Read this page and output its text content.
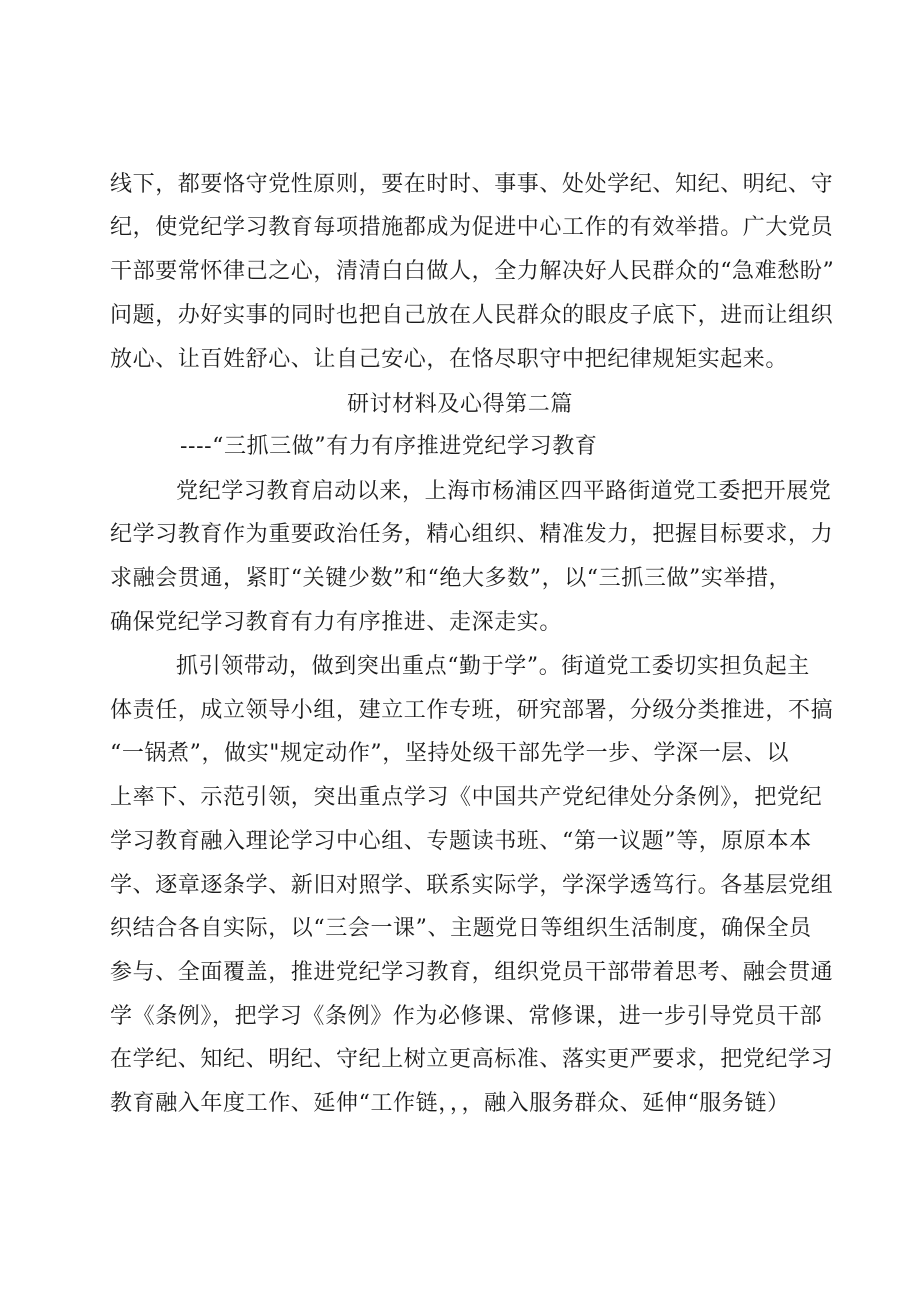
线下，都要恪守党性原则，要在时时、事事、处处学纪、知纪、明纪、守
纪，使党纪学习教育每项措施都成为促进中心工作的有效举措。广大党员
干部要常怀律己之心，清清白白做人，全力解决好人民群众的“急难愁盼”
问题，办好实事的同时也把自己放在人民群众的眼皮子底下，进而让组织
放心、让百姓舒心、让自己安心，在恪尽职守中把纪律规矩实起来。
研讨材料及心得第二篇
----“三抓三做”有力有序推进党纪学习教育
党纪学习教育启动以来，上海市杨浦区四平路街道党工委把开展党
纪学习教育作为重要政治任务，精心组织、精准发力，把握目标要求，力
求融会贯通，紧盯“关键少数”和“绝大多数”，以“三抓三做”实举措，
确保党纪学习教育有力有序推进、走深走实。
抓引领带动，做到突出重点“勤于学”。街道党工委切实担负起主
体责任，成立领导小组，建立工作专班，研究部署，分级分类推进，不搞
“一锅煮”，做实"规定动作”，坚持处级干部先学一步、学深一层、以
上率下、示范引领，突出重点学习《中国共产党纪律处分条例》，把党纪
学习教育融入理论学习中心组、专题读书班、“第一议题”等，原原本本
学、逐章逐条学、新旧对照学、联系实际学，学深学透笃行。各基层党组
织结合各自实际，以“三会一课”、主题党日等组织生活制度，确保全员
参与、全面覆盖，推进党纪学习教育，组织党员干部带着思考、融会贯通
学《条例》，把学习《条例》作为必修课、常修课，进一步引导党员干部
在学纪、知纪、明纪、守纪上树立更高标准、落实更严要求，把党纪学习
教育融入年度工作、延伸“工作链，，，融入服务群众、延伸“服务链）
